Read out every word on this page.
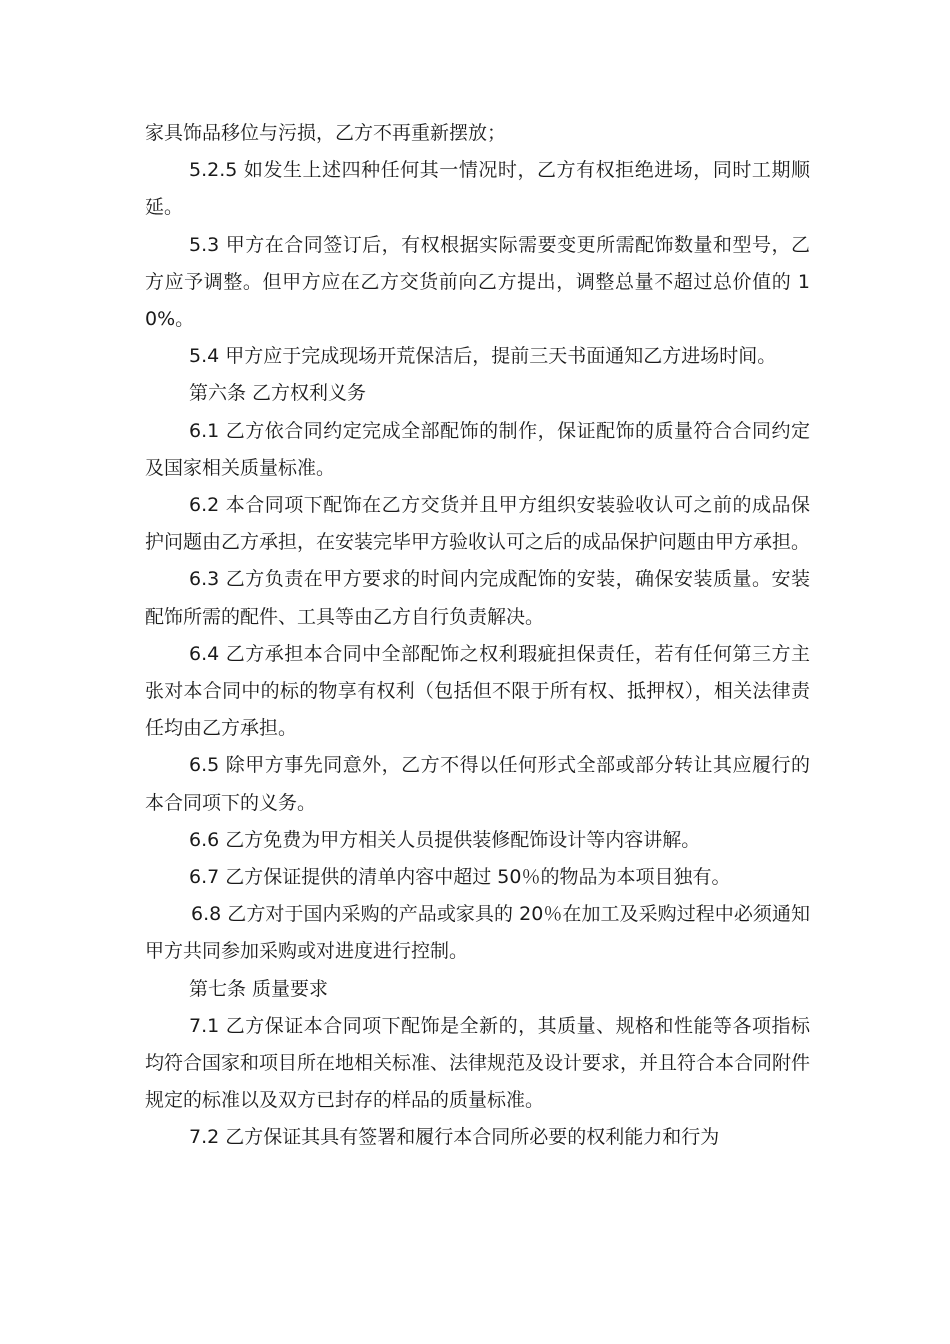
家具饰品移位与污损，乙方不再重新摆放；

5.2.5 如发生上述四种任何其一情况时，乙方有权拒绝进场，同时工期顺延。

5.3 甲方在合同签订后，有权根据实际需要变更所需配饰数量和型号，乙方应予调整。但甲方应在乙方交货前向乙方提出，调整总量不超过总价值的 10%。

5.4 甲方应于完成现场开荒保洁后，提前三天书面通知乙方进场时间。

第六条 乙方权利义务

6.1 乙方依合同约定完成全部配饰的制作，保证配饰的质量符合合同约定及国家相关质量标准。

6.2 本合同项下配饰在乙方交货并且甲方组织安装验收认可之前的成品保护问题由乙方承担，在安装完毕甲方验收认可之后的成品保护问题由甲方承担。

6.3 乙方负责在甲方要求的时间内完成配饰的安装，确保安装质量。安装配饰所需的配件、工具等由乙方自行负责解决。

6.4 乙方承担本合同中全部配饰之权利瑕疵担保责任，若有任何第三方主张对本合同中的标的物享有权利（包括但不限于所有权、抵押权），相关法律责任均由乙方承担。

6.5 除甲方事先同意外，乙方不得以任何形式全部或部分转让其应履行的本合同项下的义务。

6.6 乙方免费为甲方相关人员提供装修配饰设计等内容讲解。

6.7 乙方保证提供的清单内容中超过 50％的物品为本项目独有。

6.8 乙方对于国内采购的产品或家具的 20％在加工及采购过程中必须通知甲方共同参加采购或对进度进行控制。

第七条 质量要求

7.1 乙方保证本合同项下配饰是全新的，其质量、规格和性能等各项指标均符合国家和项目所在地相关标准、法律规范及设计要求，并且符合本合同附件规定的标准以及双方已封存的样品的质量标准。

7.2 乙方保证其具有签署和履行本合同所必要的权利能力和行为
